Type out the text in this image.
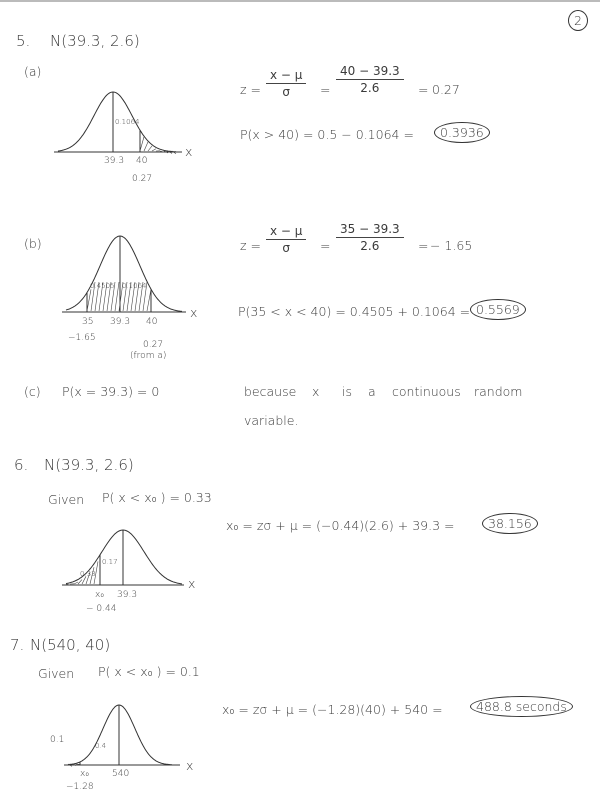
2
5. N(39.3, 2.6)
(a)
$z = \frac{x - \mu}{\sigma} = \frac{40 - 39.3}{2.6} = 0.27$
P(x > 40) = 0.5 − 0.1064 =	0.3936
39.3 40
0.27
0.1064
x
(b)	$z = \frac{x - \mu}{\sigma} = \frac{35 - 39.3}{2.6}$ = − 1.65
P(35 < x < 40) = 0.4505 + 0.1064 = 0.5569
35 39.3 40
−1.65
0.27
(from a)
0.4505 0.1064
x
(c) P(x = 39.3) = 0	because x is a continuous random
variable.
6. N(39.3, 2.6)
Given P( x < x₀ ) = 0.33
x₀ = zσ + μ = (−0.44)(2.6) + 39.3 =	38.156
x₀ 39.3
− 0.44
0.17
0.33
x
7. N(540, 40)
Given P( x < x₀ ) = 0.1
x₀ = zσ + μ = (−1.28)(40) + 540 =	488.8 seconds
0.1
0.4
x₀	540
−1.28
x
